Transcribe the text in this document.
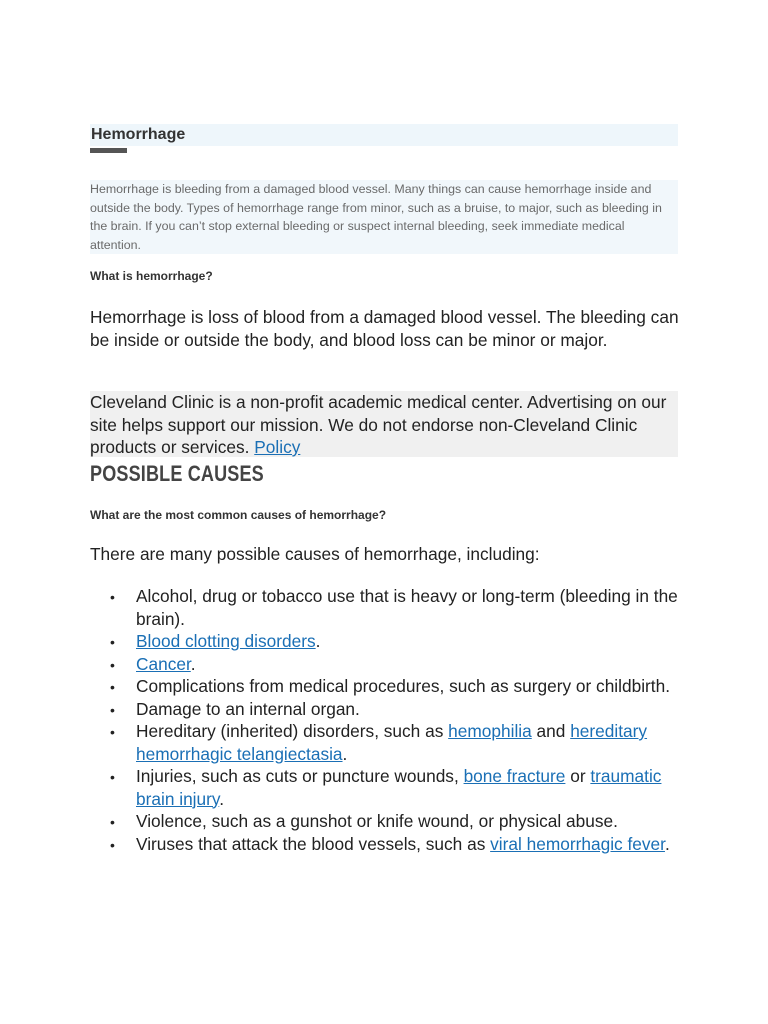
Hemorrhage

Hemorrhage is bleeding from a damaged blood vessel. Many things can cause hemorrhage inside and outside the body. Types of hemorrhage range from minor, such as a bruise, to major, such as bleeding in the brain. If you can’t stop external bleeding or suspect internal bleeding, seek immediate medical attention.

What is hemorrhage?

Hemorrhage is loss of blood from a damaged blood vessel. The bleeding can be inside or outside the body, and blood loss can be minor or major.

Cleveland Clinic is a non-profit academic medical center. Advertising on our site helps support our mission. We do not endorse non-Cleveland Clinic products or services. Policy
POSSIBLE CAUSES

What are the most common causes of hemorrhage?

There are many possible causes of hemorrhage, including:

• Alcohol, drug or tobacco use that is heavy or long-term (bleeding in the brain).
• Blood clotting disorders.
• Cancer.
• Complications from medical procedures, such as surgery or childbirth.
• Damage to an internal organ.
• Hereditary (inherited) disorders, such as hemophilia and hereditary hemorrhagic telangiectasia.
• Injuries, such as cuts or puncture wounds, bone fracture or traumatic brain injury.
• Violence, such as a gunshot or knife wound, or physical abuse.
• Viruses that attack the blood vessels, such as viral hemorrhagic fever.
